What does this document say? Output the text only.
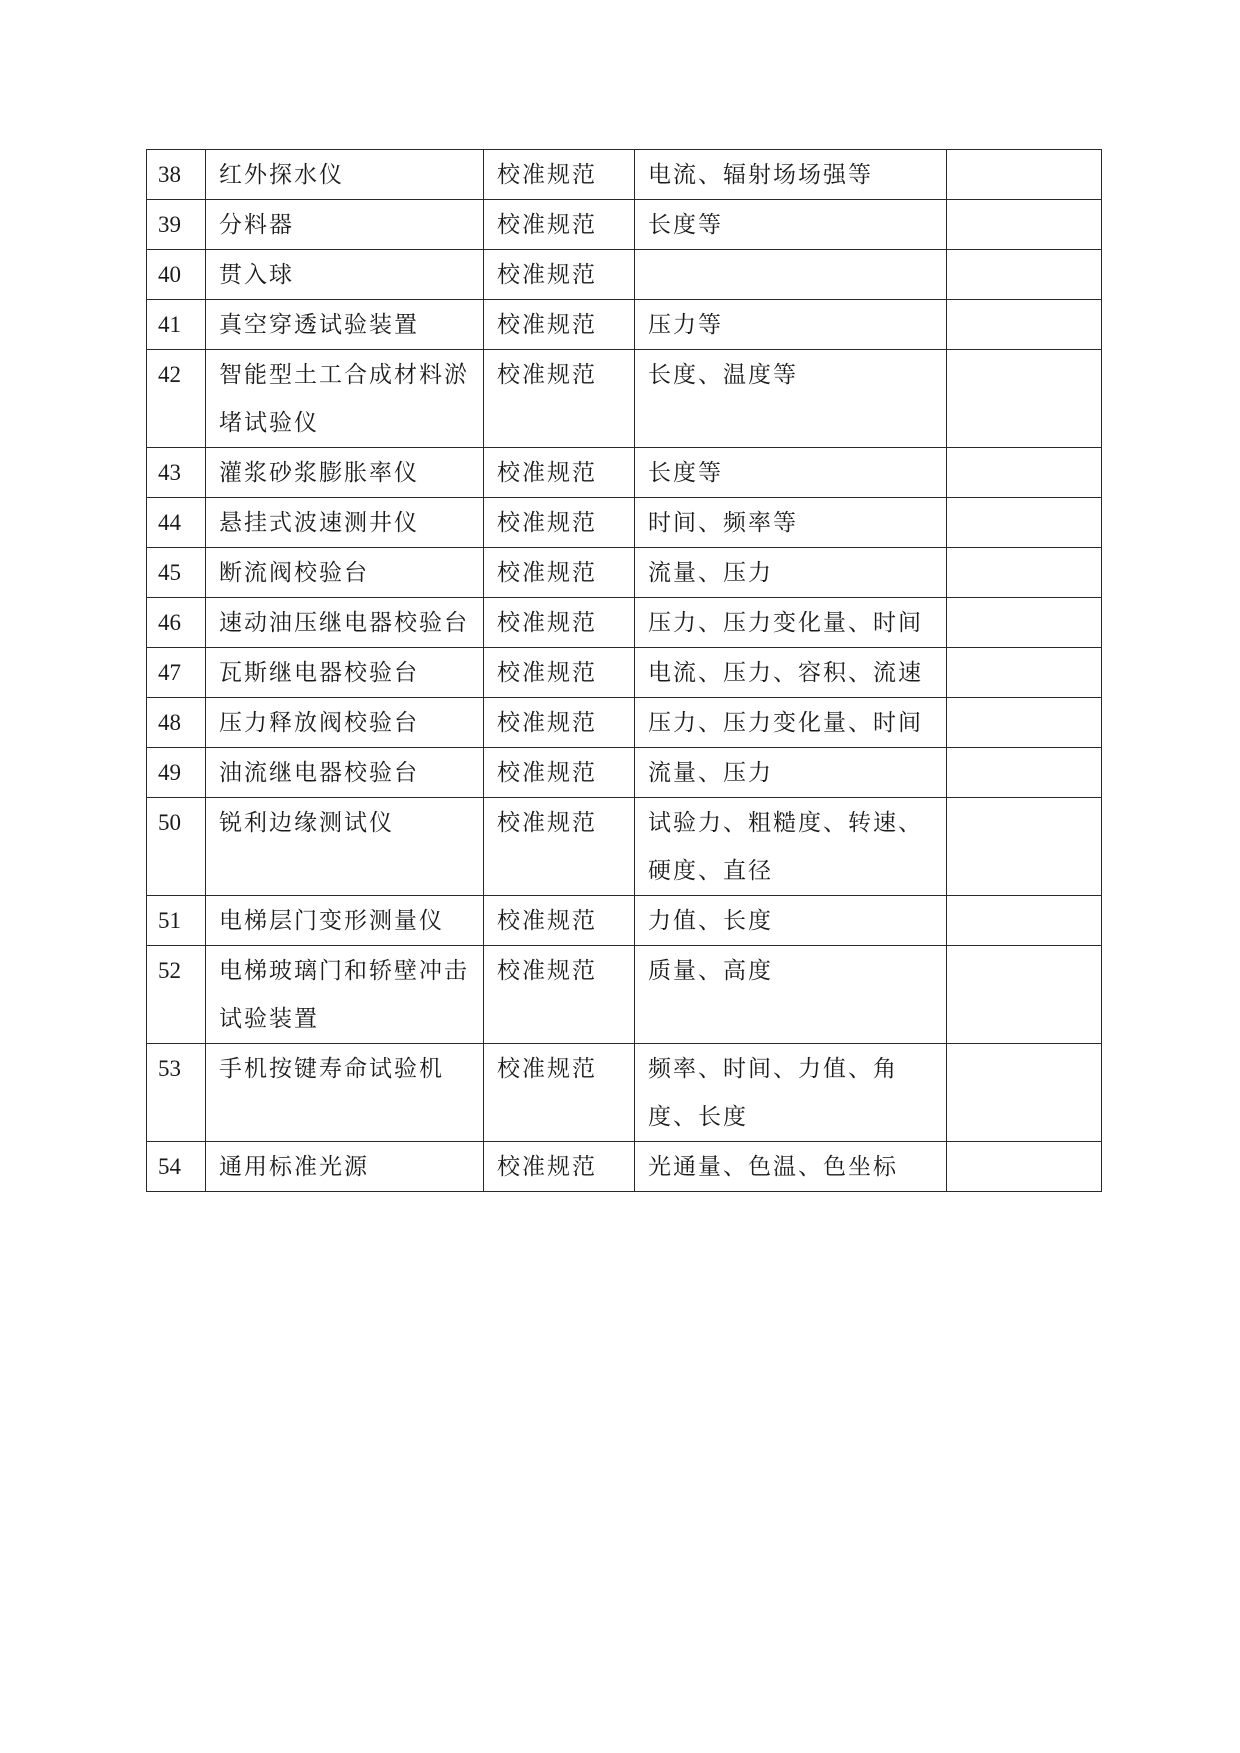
38	红外探水仪	校准规范	电流、辐射场场强等	
39	分料器	校准规范	长度等	
40	贯入球	校准规范		
41	真空穿透试验装置	校准规范	压力等	
42	智能型土工合成材料淤堵试验仪	校准规范	长度、温度等	
43	灌浆砂浆膨胀率仪	校准规范	长度等	
44	悬挂式波速测井仪	校准规范	时间、频率等	
45	断流阀校验台	校准规范	流量、压力	
46	速动油压继电器校验台	校准规范	压力、压力变化量、时间	
47	瓦斯继电器校验台	校准规范	电流、压力、容积、流速	
48	压力释放阀校验台	校准规范	压力、压力变化量、时间	
49	油流继电器校验台	校准规范	流量、压力	
50	锐利边缘测试仪	校准规范	试验力、粗糙度、转速、硬度、直径	
51	电梯层门变形测量仪	校准规范	力值、长度	
52	电梯玻璃门和轿壁冲击试验装置	校准规范	质量、高度	
53	手机按键寿命试验机	校准规范	频率、时间、力值、角度、长度	
54	通用标准光源	校准规范	光通量、色温、色坐标	
